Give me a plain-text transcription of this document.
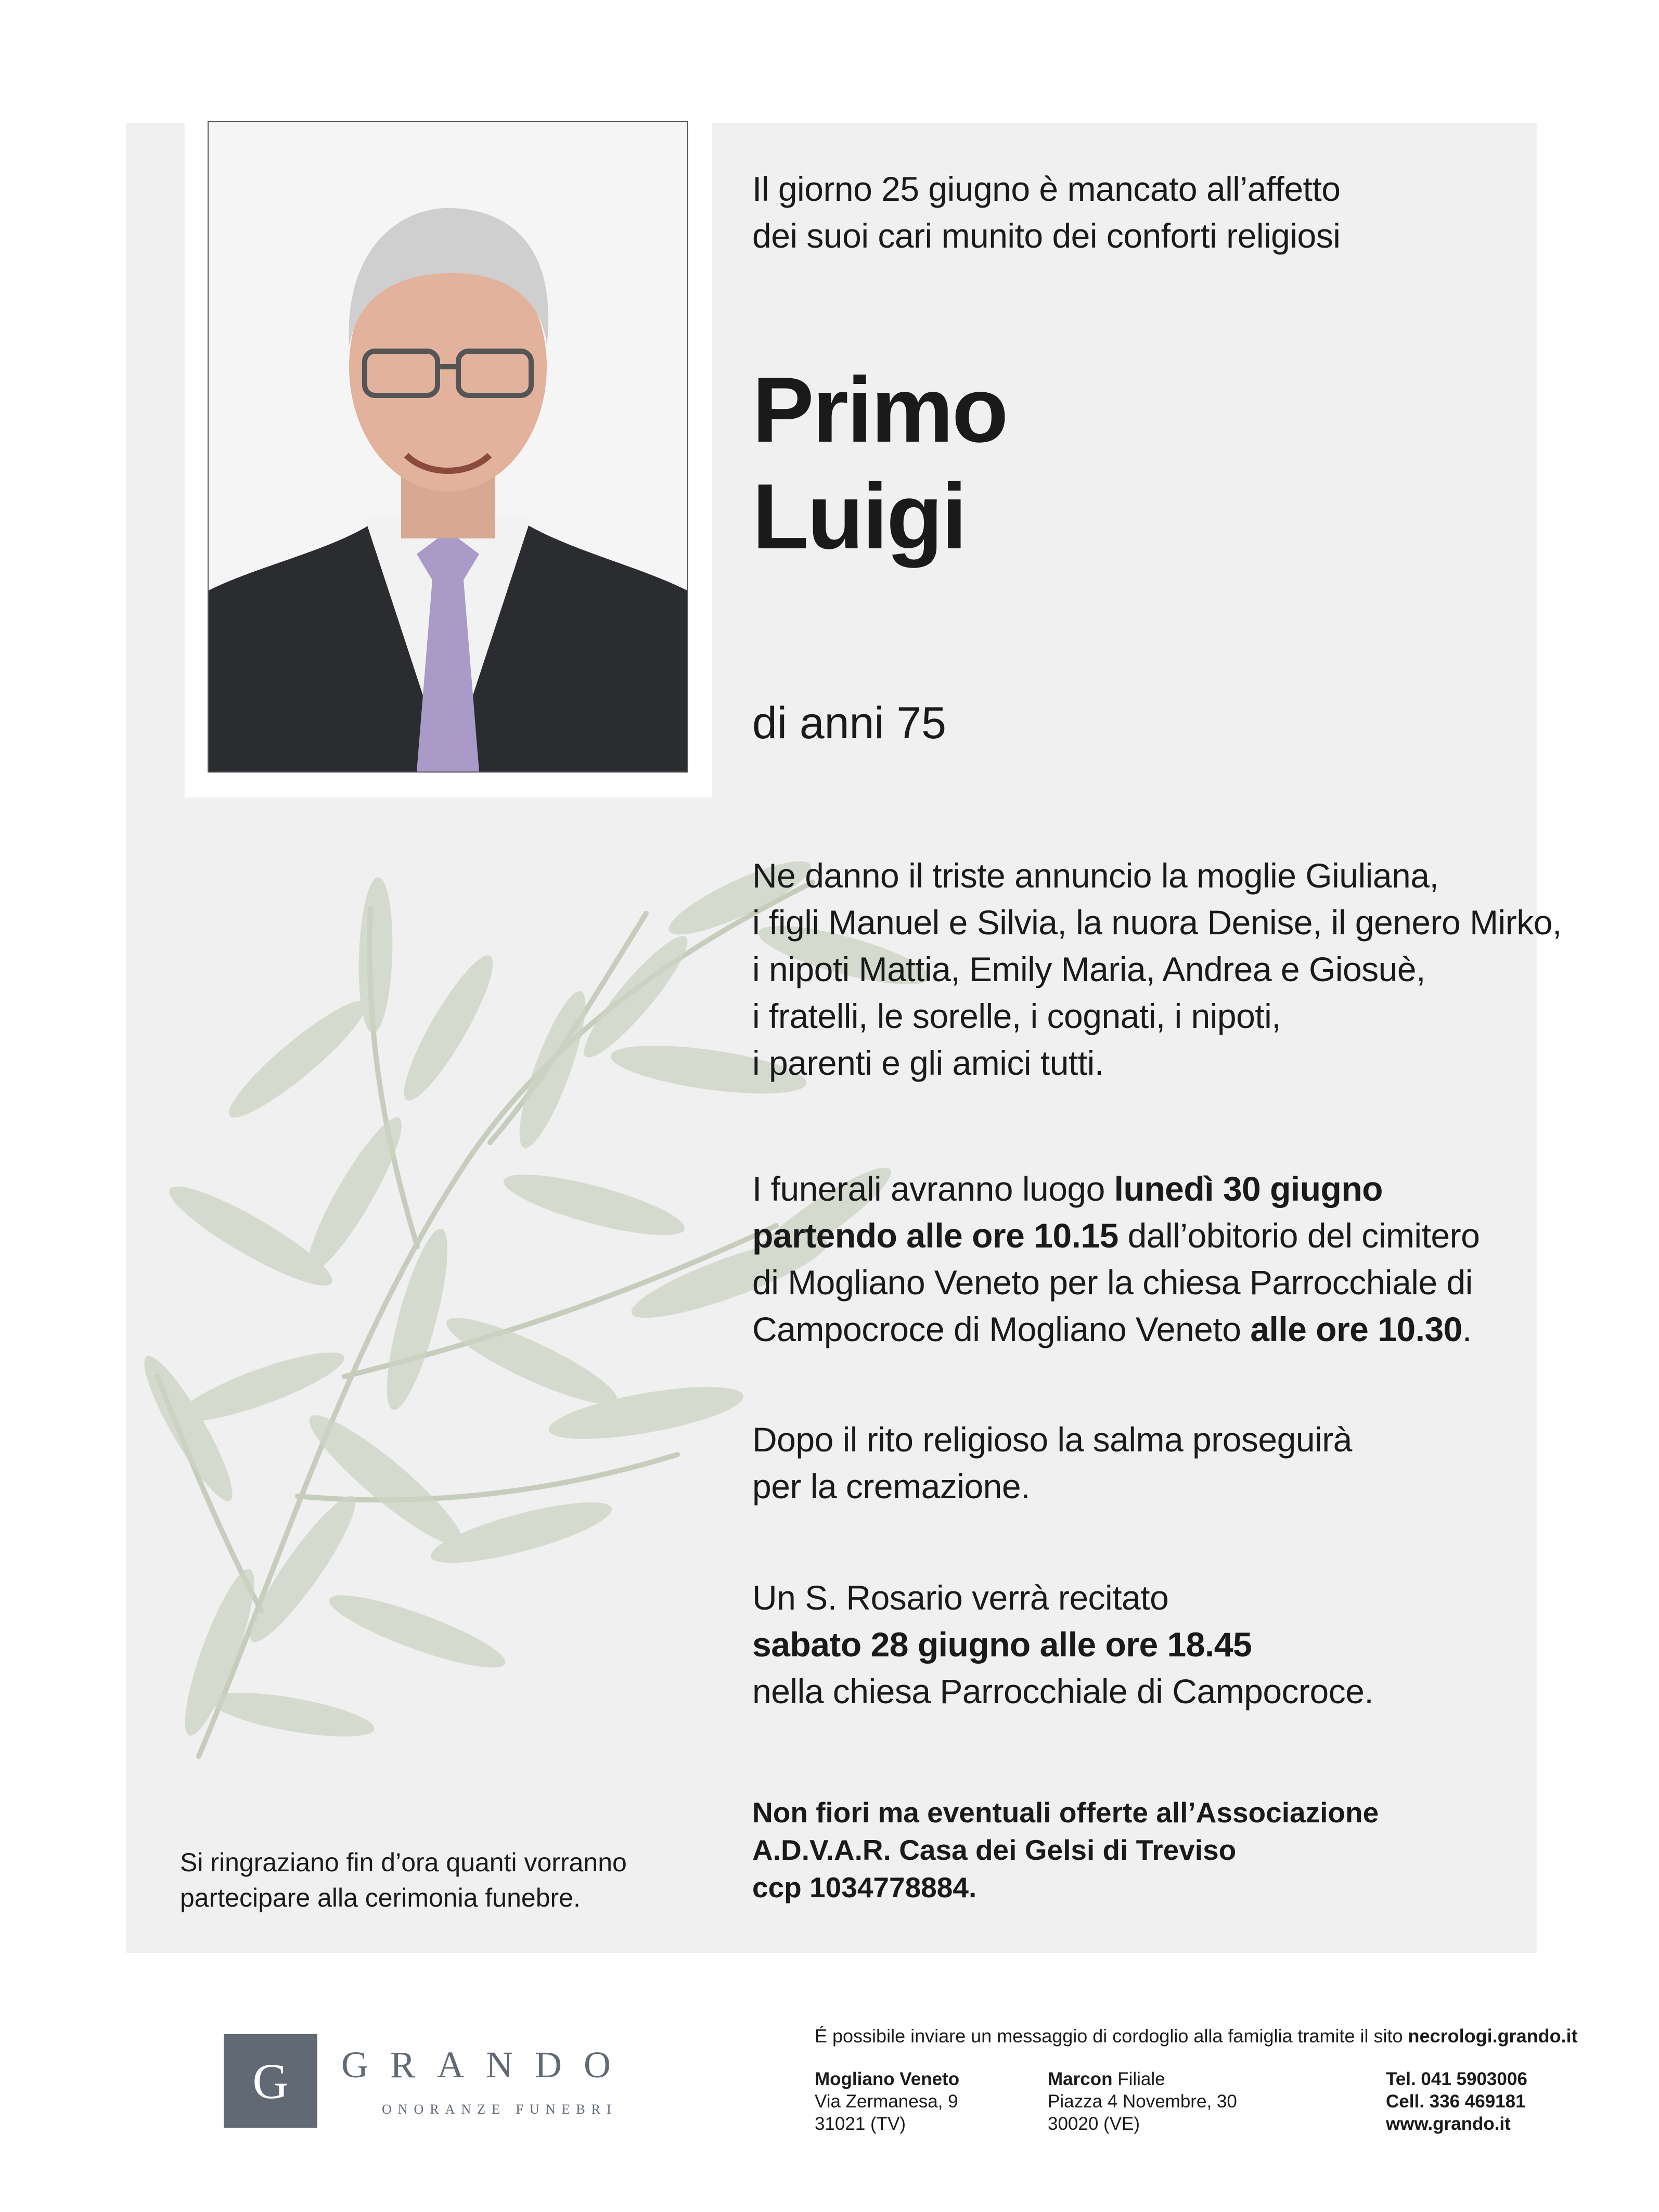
Il giorno 25 giugno è mancato all’affetto
dei suoi cari munito dei conforti religiosi
Primo
Luigi
di anni 75
Ne danno il triste annuncio la moglie Giuliana,
i figli Manuel e Silvia, la nuora Denise, il genero Mirko,
i nipoti Mattia, Emily Maria, Andrea e Giosuè,
i fratelli, le sorelle, i cognati, i nipoti,
i parenti e gli amici tutti.
I funerali avranno luogo lunedì 30 giugno
partendo alle ore 10.15 dall’obitorio del cimitero
di Mogliano Veneto per la chiesa Parrocchiale di
Campocroce di Mogliano Veneto alle ore 10.30.
Dopo il rito religioso la salma proseguirà
per la cremazione.
Un S. Rosario verrà recitato
sabato 28 giugno alle ore 18.45
nella chiesa Parrocchiale di Campocroce.
Non fiori ma eventuali offerte all’Associazione
A.D.V.A.R. Casa dei Gelsi di Treviso
ccp 1034778884.
Si ringraziano fin d’ora quanti vorranno
partecipare alla cerimonia funebre.
G GRANDO
ONORANZE FUNEBRI
É possibile inviare un messaggio di cordoglio alla famiglia tramite il sito necrologi.grando.it
Mogliano Veneto
Via Zermanesa, 9
31021 (TV)
Marcon Filiale
Piazza 4 Novembre, 30
30020 (VE)
Tel. 041 5903006
Cell. 336 469181
www.grando.it
